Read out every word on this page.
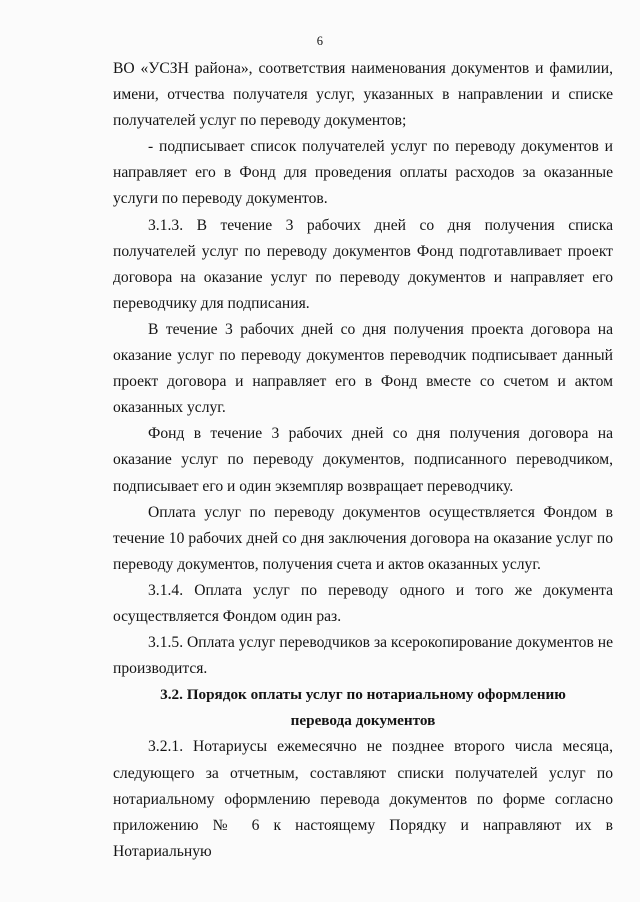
6

ВО «УСЗН района», соответствия наименования документов и фамилии, имени, отчества получателя услуг, указанных в направлении и списке получателей услуг по переводу документов;

- подписывает список получателей услуг по переводу документов и направляет его в Фонд для проведения оплаты расходов за оказанные услуги по переводу документов.

3.1.3. В течение 3 рабочих дней со дня получения списка получателей услуг по переводу документов Фонд подготавливает проект договора на оказание услуг по переводу документов и направляет его переводчику для подписания.

В течение 3 рабочих дней со дня получения проекта договора на оказание услуг по переводу документов переводчик подписывает данный проект договора и направляет его в Фонд вместе со счетом и актом оказанных услуг.

Фонд в течение 3 рабочих дней со дня получения договора на оказание услуг по переводу документов, подписанного переводчиком, подписывает его и один экземпляр возвращает переводчику.

Оплата услуг по переводу документов осуществляется Фондом в течение 10 рабочих дней со дня заключения договора на оказание услуг по переводу документов, получения счета и актов оказанных услуг.

3.1.4. Оплата услуг по переводу одного и того же документа осуществляется Фондом один раз.

3.1.5. Оплата услуг переводчиков за ксерокопирование документов не производится.

3.2. Порядок оплаты услуг по нотариальному оформлению

перевода документов

3.2.1. Нотариусы ежемесячно не позднее второго числа месяца, следующего за отчетным, составляют списки получателей услуг по нотариальному оформлению перевода документов по форме согласно приложению № 6 к настоящему Порядку и направляют их в Нотариальную
